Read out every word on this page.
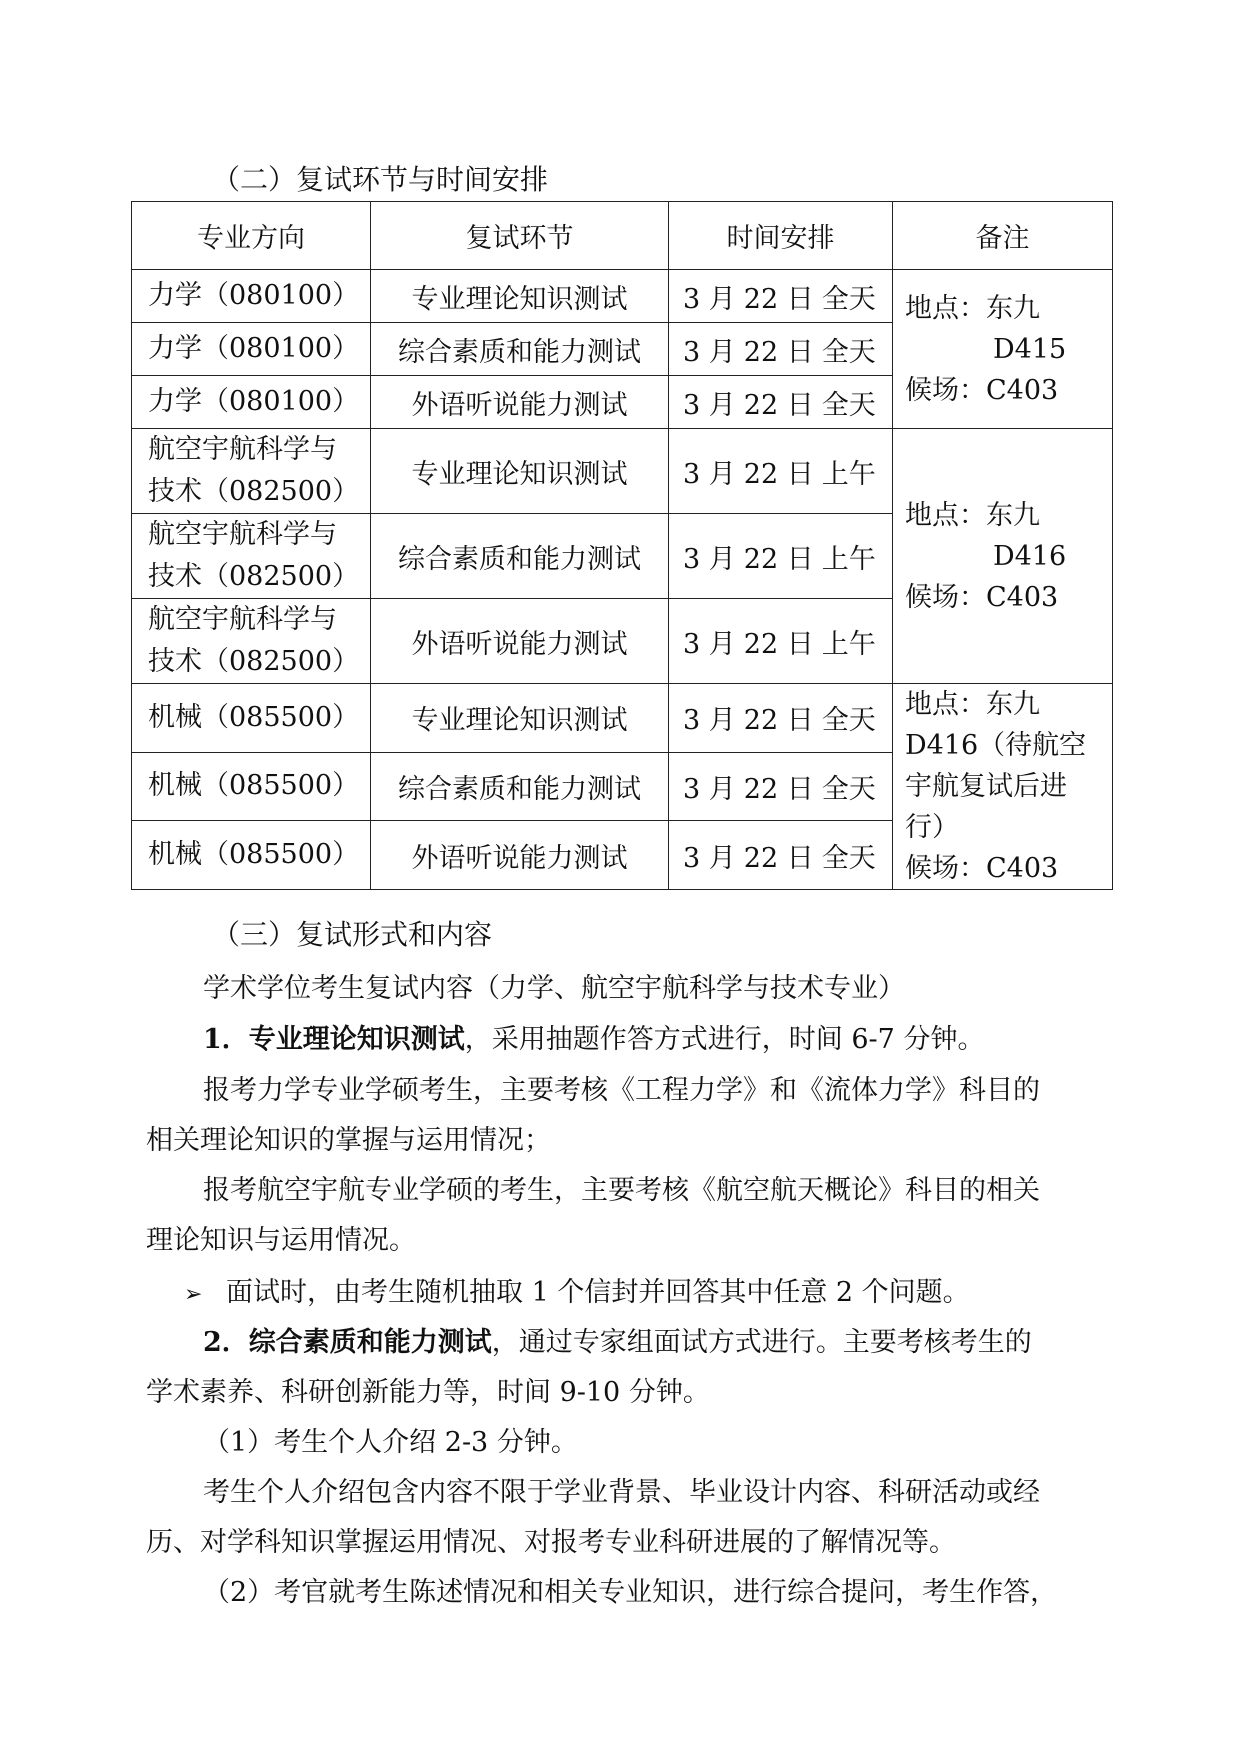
（二）复试环节与时间安排
专业方向	复试环节	时间安排	备注
力学（080100）	专业理论知识测试	3 月 22 日 全天	地点：东九
D415
候场：C403

力学（080100）	综合素质和能力测试	3 月 22 日 全天	
力学（080100）	外语听说能力测试	3 月 22 日 全天	
航空宇航科学与技术（082500）	专业理论知识测试	3 月 22 日 上午	地点：东九
D416
候场：C403

航空宇航科学与技术（082500）	综合素质和能力测试	3 月 22 日 上午	
航空宇航科学与技术（082500）	外语听说能力测试	3 月 22 日 上午	
机械（085500）	专业理论知识测试	3 月 22 日 全天	地点：东九
D416（待航空宇航复试后进行）
候场：C403

机械（085500）	综合素质和能力测试	3 月 22 日 全天	
机械（085500）	外语听说能力测试	3 月 22 日 全天	
（三）复试形式和内容
学术学位考生复试内容（力学、航空宇航科学与技术专业）
1．专业理论知识测试，采用抽题作答方式进行，时间 6-7 分钟。
报考力学专业学硕考生，主要考核《工程力学》和《流体力学》科目的
相关理论知识的掌握与运用情况；
报考航空宇航专业学硕的考生，主要考核《航空航天概论》科目的相关
理论知识与运用情况。
➢ 面试时，由考生随机抽取 1 个信封并回答其中任意 2 个问题。
2．综合素质和能力测试，通过专家组面试方式进行。主要考核考生的
学术素养、科研创新能力等，时间 9-10 分钟。
（1）考生个人介绍 2-3 分钟。
考生个人介绍包含内容不限于学业背景、毕业设计内容、科研活动或经
历、对学科知识掌握运用情况、对报考专业科研进展的了解情况等。
（2）考官就考生陈述情况和相关专业知识，进行综合提问，考生作答，
